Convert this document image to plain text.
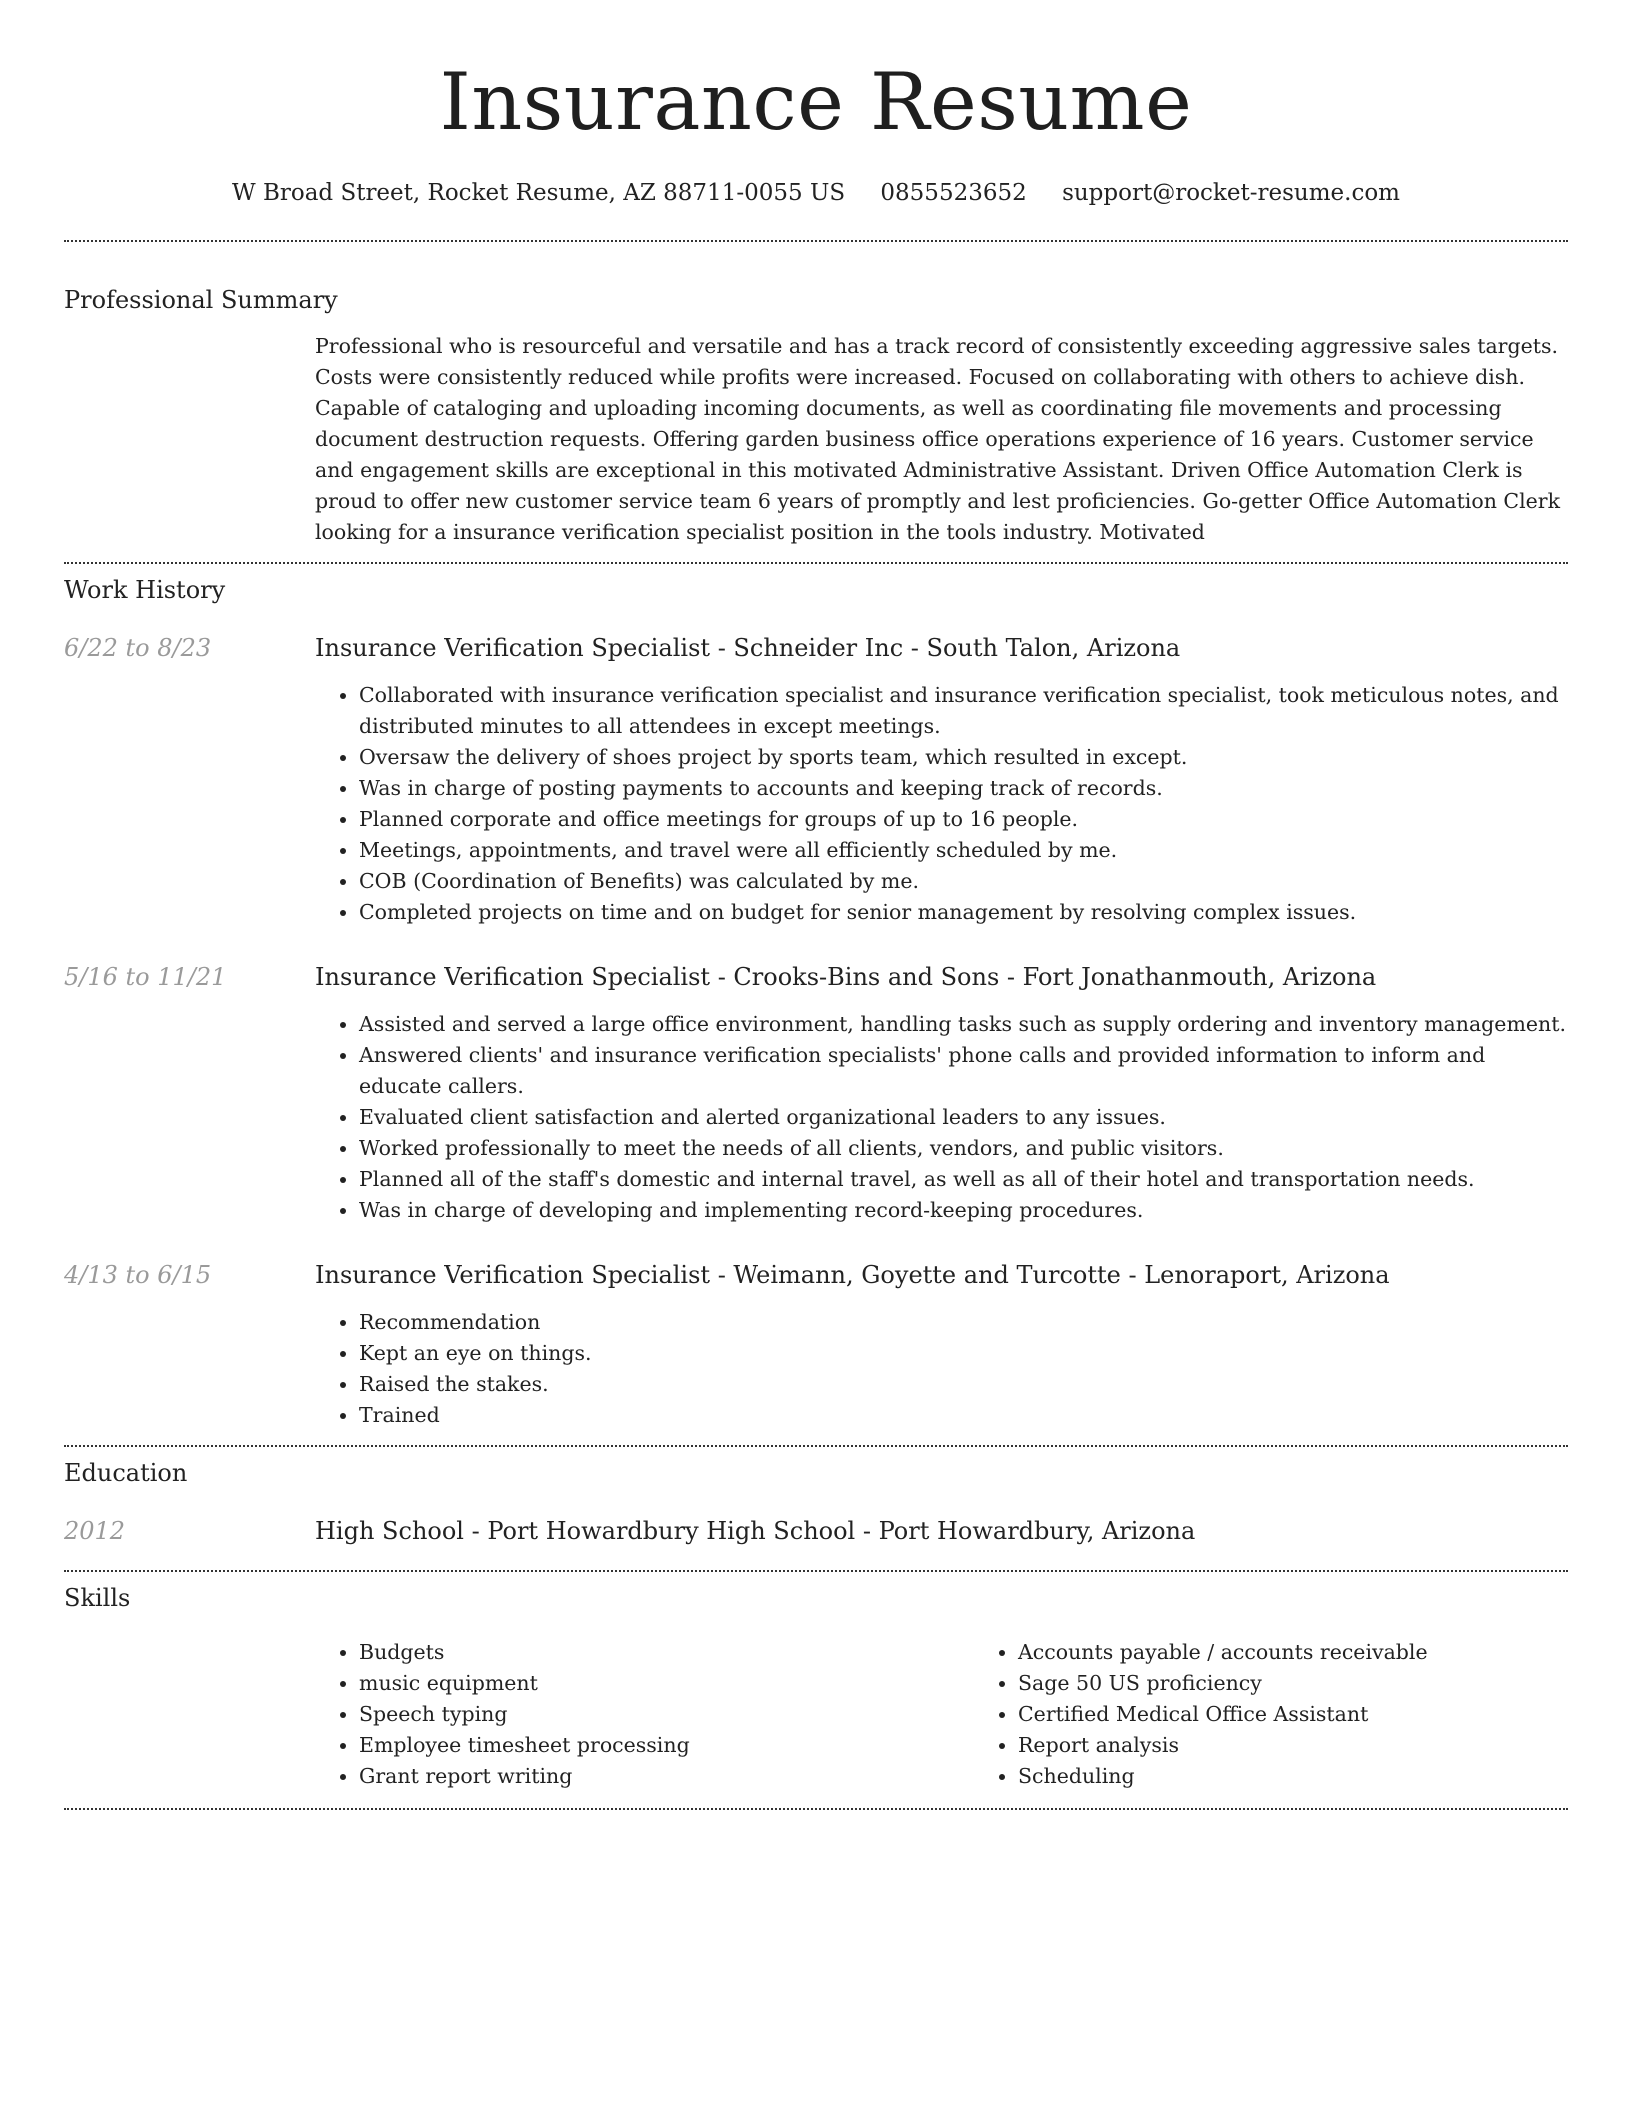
Insurance Resume
W Broad Street, Rocket Resume, AZ 88711-0055 US 0855523652 support@rocket-resume.com
Professional Summary

Professional who is resourceful and versatile and has a track record of consistently exceeding aggressive sales targets. Costs were consistently reduced while profits were increased. Focused on collaborating with others to achieve dish. Capable of cataloging and uploading incoming documents, as well as coordinating file movements and processing document destruction requests. Offering garden business office operations experience of 16 years. Customer service and engagement skills are exceptional in this motivated Administrative Assistant. Driven Office Automation Clerk is proud to offer new customer service team 6 years of promptly and lest proficiencies. Go-getter Office Automation Clerk looking for a insurance verification specialist position in the tools industry. Motivated

Work History
6/22 to 8/23	Insurance Verification Specialist - Schneider Inc - South Talon, Arizona
• Collaborated with insurance verification specialist and insurance verification specialist, took meticulous notes, and distributed minutes to all attendees in except meetings.
• Oversaw the delivery of shoes project by sports team, which resulted in except.
• Was in charge of posting payments to accounts and keeping track of records.
• Planned corporate and office meetings for groups of up to 16 people.
• Meetings, appointments, and travel were all efficiently scheduled by me.
• COB (Coordination of Benefits) was calculated by me.
• Completed projects on time and on budget for senior management by resolving complex issues.
5/16 to 11/21	Insurance Verification Specialist - Crooks-Bins and Sons - Fort Jonathanmouth, Arizona
• Assisted and served a large office environment, handling tasks such as supply ordering and inventory management.
• Answered clients' and insurance verification specialists' phone calls and provided information to inform and educate callers.
• Evaluated client satisfaction and alerted organizational leaders to any issues.
• Worked professionally to meet the needs of all clients, vendors, and public visitors.
• Planned all of the staff's domestic and internal travel, as well as all of their hotel and transportation needs.
• Was in charge of developing and implementing record-keeping procedures.
4/13 to 6/15	Insurance Verification Specialist - Weimann, Goyette and Turcotte - Lenoraport, Arizona
• Recommendation
• Kept an eye on things.
• Raised the stakes.
• Trained
Education
2012	High School - Port Howardbury High School - Port Howardbury, Arizona
Skills
• Budgets
• music equipment
• Speech typing
• Employee timesheet processing
• Grant report writing
• Accounts payable / accounts receivable
• Sage 50 US proficiency
• Certified Medical Office Assistant
• Report analysis
• Scheduling
